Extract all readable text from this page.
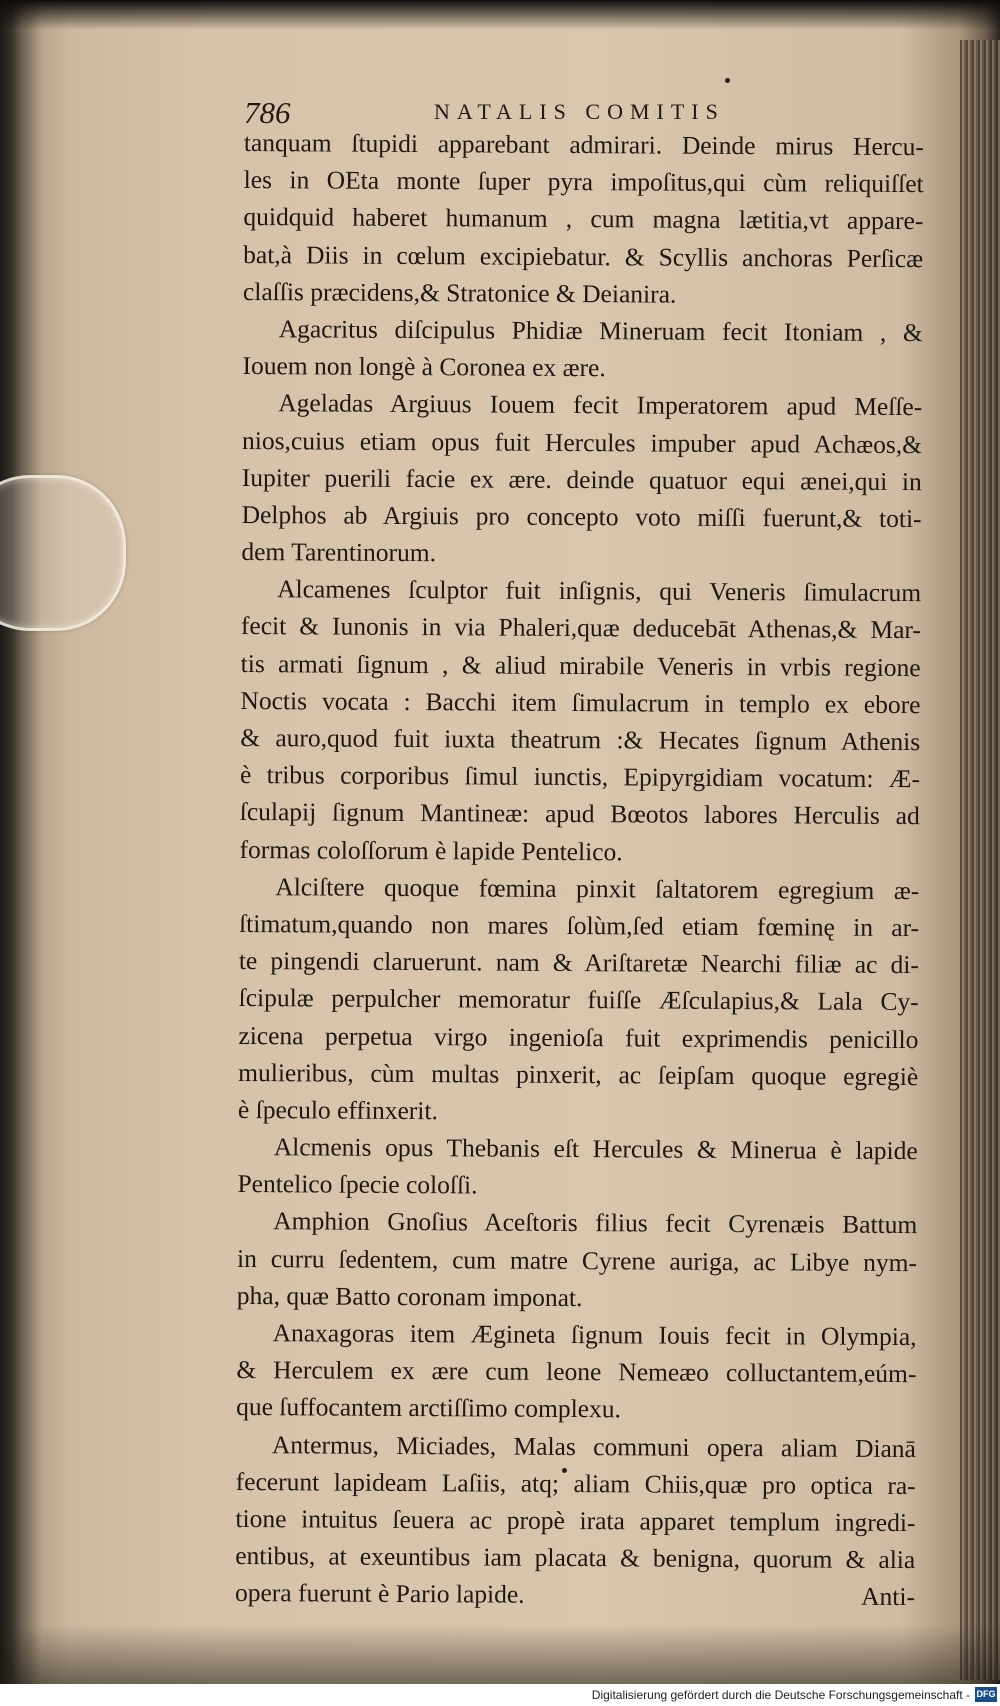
786	NATALIS COMITIS
tanquam ſtupidi apparebant admirari. Deinde mirus Hercu-
les in OEta monte ſuper pyra impoſitus,qui cùm reliquiſſet
quidquid haberet humanum , cum magna lætitia,vt appare-
bat,à Diis in cœlum excipiebatur. & Scyllis anchoras Perſicæ
claſſis præcidens,& Stratonice & Deianira.
Agacritus diſcipulus Phidiæ Mineruam fecit Itoniam , &
Iouem non longè à Coronea ex ære.
Ageladas Argiuus Iouem fecit Imperatorem apud Meſſe-
nios,cuius etiam opus fuit Hercules impuber apud Achæos,&
Iupiter puerili facie ex ære. deinde quatuor equi ænei,qui in
Delphos ab Argiuis pro concepto voto miſſi fuerunt,& toti-
dem Tarentinorum.
Alcamenes ſculptor fuit inſignis, qui Veneris ſimulacrum
fecit & Iunonis in via Phaleri,quæ deducebāt Athenas,& Mar-
tis armati ſignum , & aliud mirabile Veneris in vrbis regione
Noctis vocata : Bacchi item ſimulacrum in templo ex ebore
& auro,quod fuit iuxta theatrum :& Hecates ſignum Athenis
è tribus corporibus ſimul iunctis, Epipyrgidiam vocatum: Æ-
ſculapij ſignum Mantineæ: apud Bœotos labores Herculis ad
formas coloſſorum è lapide Pentelico.
Alciſtere quoque fœmina pinxit ſaltatorem egregium æ-
ſtimatum,quando non mares ſolùm,ſed etiam fœminę in ar-
te pingendi claruerunt. nam & Ariſtaretæ Nearchi filiæ ac di-
ſcipulæ perpulcher memoratur fuiſſe Æſculapius,& Lala Cy-
zicena perpetua virgo ingenioſa fuit exprimendis penicillo
mulieribus, cùm multas pinxerit, ac ſeipſam quoque egregiè
è ſpeculo effinxerit.
Alcmenis opus Thebanis eſt Hercules & Minerua è lapide
Pentelico ſpecie coloſſi.
Amphion Gnoſius Aceſtoris filius fecit Cyrenæis Battum
in curru ſedentem, cum matre Cyrene auriga, ac Libye nym-
pha, quæ Batto coronam imponat.
Anaxagoras item Ægineta ſignum Iouis fecit in Olympia,
& Herculem ex ære cum leone Nemeæo colluctantem,eúm-
que ſuffocantem arctiſſimo complexu.
Antermus, Miciades, Malas communi opera aliam Dianā
fecerunt lapideam Laſiis, atq; aliam Chiis,quæ pro optica ra-
tione intuitus ſeuera ac propè irata apparet templum ingredi-
entibus, at exeuntibus iam placata & benigna, quorum & alia
opera fuerunt è Pario lapide.	Anti-
Digitalisierung gefördert durch die Deutsche Forschungsgemeinschaft - DFG
